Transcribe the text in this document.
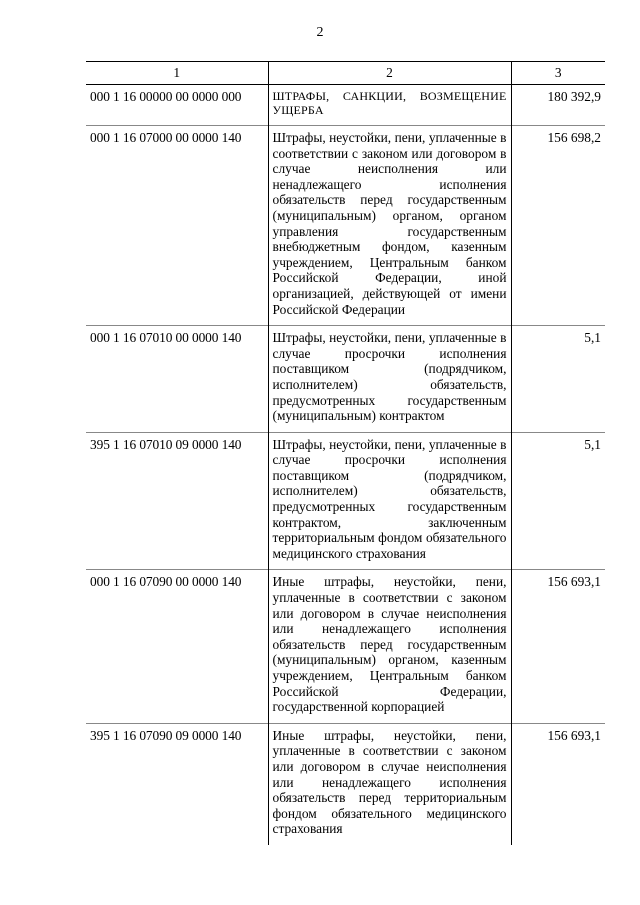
2
1	2	3
000 1 16 00000 00 0000 000	ШТРАФЫ, САНКЦИИ, ВОЗМЕЩЕНИЕ УЩЕРБА	180 392,9
000 1 16 07000 00 0000 140	Штрафы, неустойки, пени, уплаченные в соответствии с законом или договором в случае неисполнения или ненадлежащего исполнения обязательств перед государственным (муниципальным) органом, органом управления государственным внебюджетным фондом, казенным учреждением, Центральным банком Российской Федерации, иной организацией, действующей от имени Российской Федерации	156 698,2
000 1 16 07010 00 0000 140	Штрафы, неустойки, пени, уплаченные в случае просрочки исполнения поставщиком (подрядчиком, исполнителем) обязательств, предусмотренных государственным (муниципальным) контрактом	5,1
395 1 16 07010 09 0000 140	Штрафы, неустойки, пени, уплаченные в случае просрочки исполнения поставщиком (подрядчиком, исполнителем) обязательств, предусмотренных государственным контрактом, заключенным территориальным фондом обязательного медицинского страхования	5,1
000 1 16 07090 00 0000 140	Иные штрафы, неустойки, пени, уплаченные в соответствии с законом или договором в случае неисполнения или ненадлежащего исполнения обязательств перед государственным (муниципальным) органом, казенным учреждением, Центральным банком Российской Федерации, государственной корпорацией	156 693,1
395 1 16 07090 09 0000 140	Иные штрафы, неустойки, пени, уплаченные в соответствии с законом или договором в случае неисполнения или ненадлежащего исполнения обязательств перед территориальным фондом обязательного медицинского страхования	156 693,1
